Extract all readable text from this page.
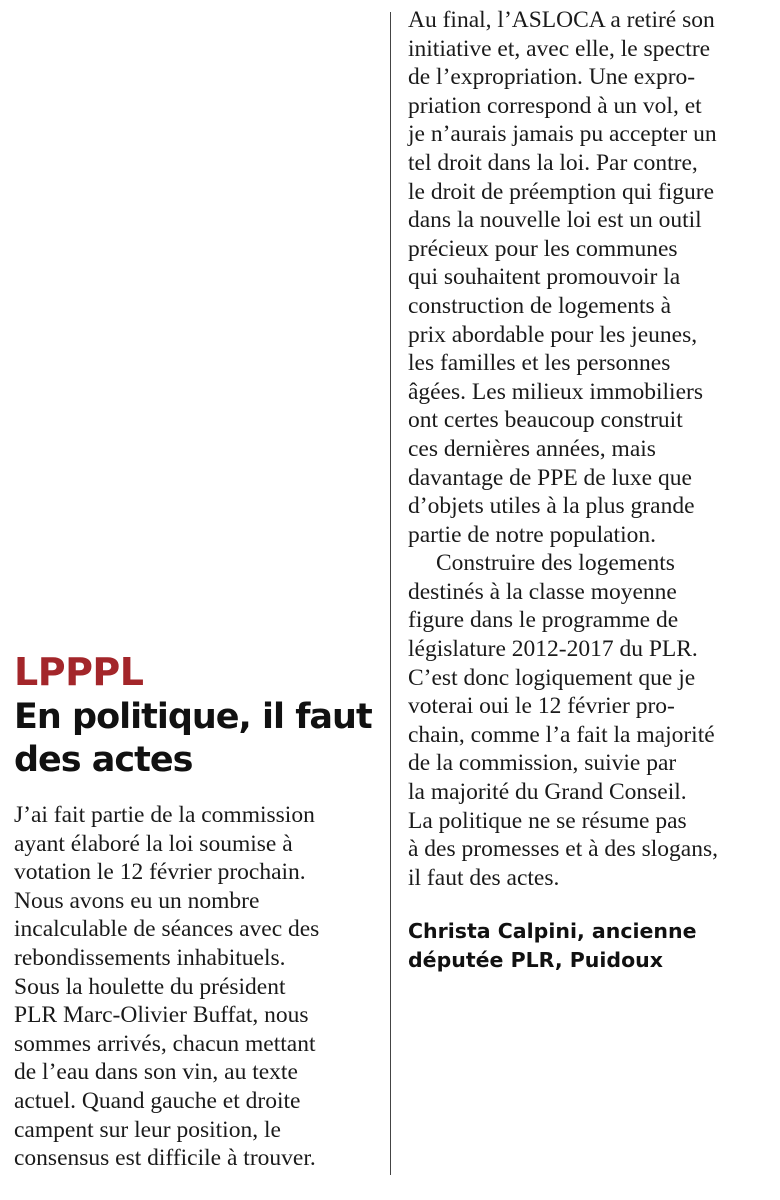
LPPPL
En politique, il faut
des actes

J’ai fait partie de la commission
ayant élaboré la loi soumise à
votation le 12 février prochain.
Nous avons eu un nombre
incalculable de séances avec des
rebondissements inhabituels.
Sous la houlette du président
PLR Marc-Olivier Buffat, nous
sommes arrivés, chacun mettant
de l’eau dans son vin, au texte
actuel. Quand gauche et droite
campent sur leur position, le
consensus est difficile à trouver.

Au final, l’ASLOCA a retiré son
initiative et, avec elle, le spectre
de l’expropriation. Une expro-
priation correspond à un vol, et
je n’aurais jamais pu accepter un
tel droit dans la loi. Par contre,
le droit de préemption qui figure
dans la nouvelle loi est un outil
précieux pour les communes
qui souhaitent promouvoir la
construction de logements à
prix abordable pour les jeunes,
les familles et les personnes
âgées. Les milieux immobiliers
ont certes beaucoup construit
ces dernières années, mais
davantage de PPE de luxe que
d’objets utiles à la plus grande
partie de notre population.

Construire des logements
destinés à la classe moyenne
figure dans le programme de
législature 2012-2017 du PLR.
C’est donc logiquement que je
voterai oui le 12 février pro-
chain, comme l’a fait la majorité
de la commission, suivie par
la majorité du Grand Conseil.
La politique ne se résume pas
à des promesses et à des slogans,
il faut des actes.

Christa Calpini, ancienne
députée PLR, Puidoux
